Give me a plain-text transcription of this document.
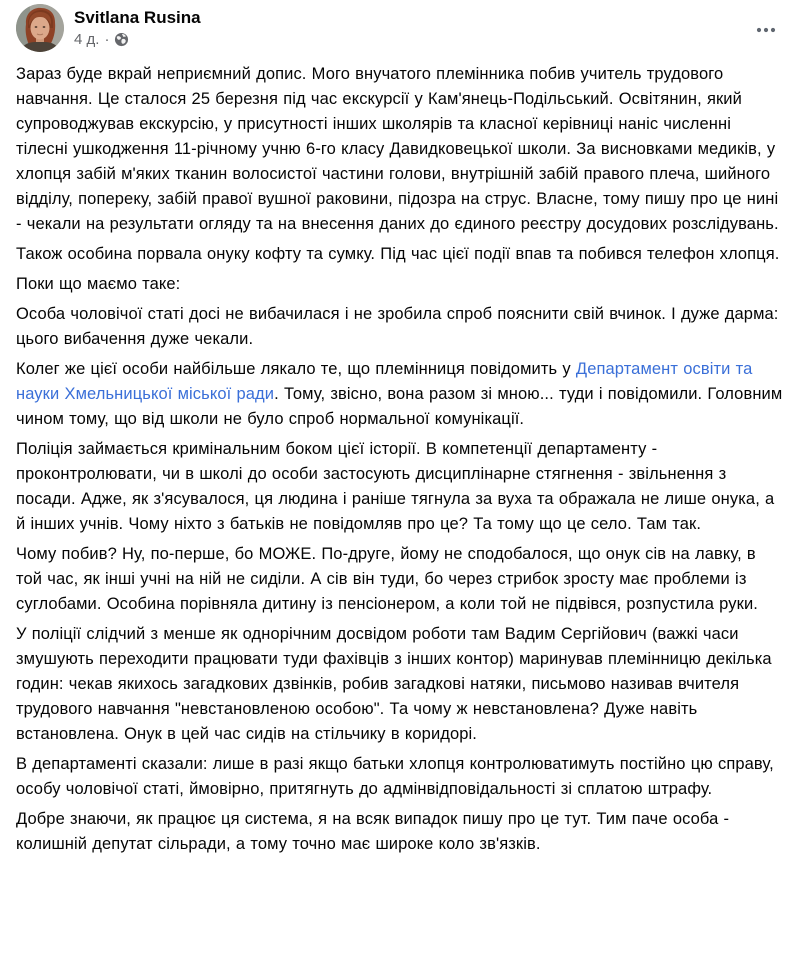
Svitlana Rusina
4 д. ·

Зараз буде вкрай неприємний допис. Мого внучатого племінника побив учитель трудового навчання. Це сталося 25 березня під час екскурсії у Кам'янець-Подільський. Освітянин, який супроводжував екскурсію, у присутності інших школярів та класної керівниці наніс численні тілесні ушкодження 11-річному учню 6-го класу Давидковецької школи. За висновками медиків, у хлопця забій м'яких тканин волосистої частини голови, внутрішній забій правого плеча, шийного відділу, попереку, забій правої вушної раковини, підозра на струс. Власне, тому пишу про це нині - чекали на результати огляду та на внесення даних до єдиного реєстру досудових розслідувань.

Також особина порвала онуку кофту та сумку. Під час цієї події впав та побився телефон хлопця.

Поки що маємо таке:

Особа чоловічої статі досі не вибачилася і не зробила спроб пояснити свій вчинок. І дуже дарма: цього вибачення дуже чекали.

Колег же цієї особи найбільше лякало те, що племінниця повідомить у Департамент освіти та науки Хмельницької міської ради. Тому, звісно, вона разом зі мною... туди і повідомили. Головним чином тому, що від школи не було спроб нормальної комунікації.

Поліція займається кримінальним боком цієї історії. В компетенції департаменту - проконтролювати, чи в школі до особи застосують дисциплінарне стягнення - звільнення з посади. Адже, як з'ясувалося, ця людина і раніше тягнула за вуха та ображала не лише онука, а й інших учнів. Чому ніхто з батьків не повідомляв про це? Та тому що це село. Там так.

Чому побив? Ну, по-перше, бо МОЖЕ. По-друге, йому не сподобалося, що онук сів на лавку, в той час, як інші учні на ній не сиділи. А сів він туди, бо через стрибок зросту має проблеми із суглобами. Особина порівняла дитину із пенсіонером, а коли той не підвівся, розпустила руки.

У поліції слідчий з менше як однорічним досвідом роботи там Вадим Сергійович (важкі часи змушують переходити працювати туди фахівців з інших контор) маринував племінницю декілька годин: чекав якихось загадкових дзвінків, робив загадкові натяки, письмово називав вчителя трудового навчання "невстановленою особою". Та чому ж невстановлена? Дуже навіть встановлена. Онук в цей час сидів на стільчику в коридорі.

В департаменті сказали: лише в разі якщо батьки хлопця контролюватимуть постійно цю справу, особу чоловічої статі, ймовірно, притягнуть до адмінвідповідальності зі сплатою штрафу.

Добре знаючи, як працює ця система, я на всяк випадок пишу про це тут. Тим паче особа - колишній депутат сільради, а тому точно має широке коло зв'язків.
